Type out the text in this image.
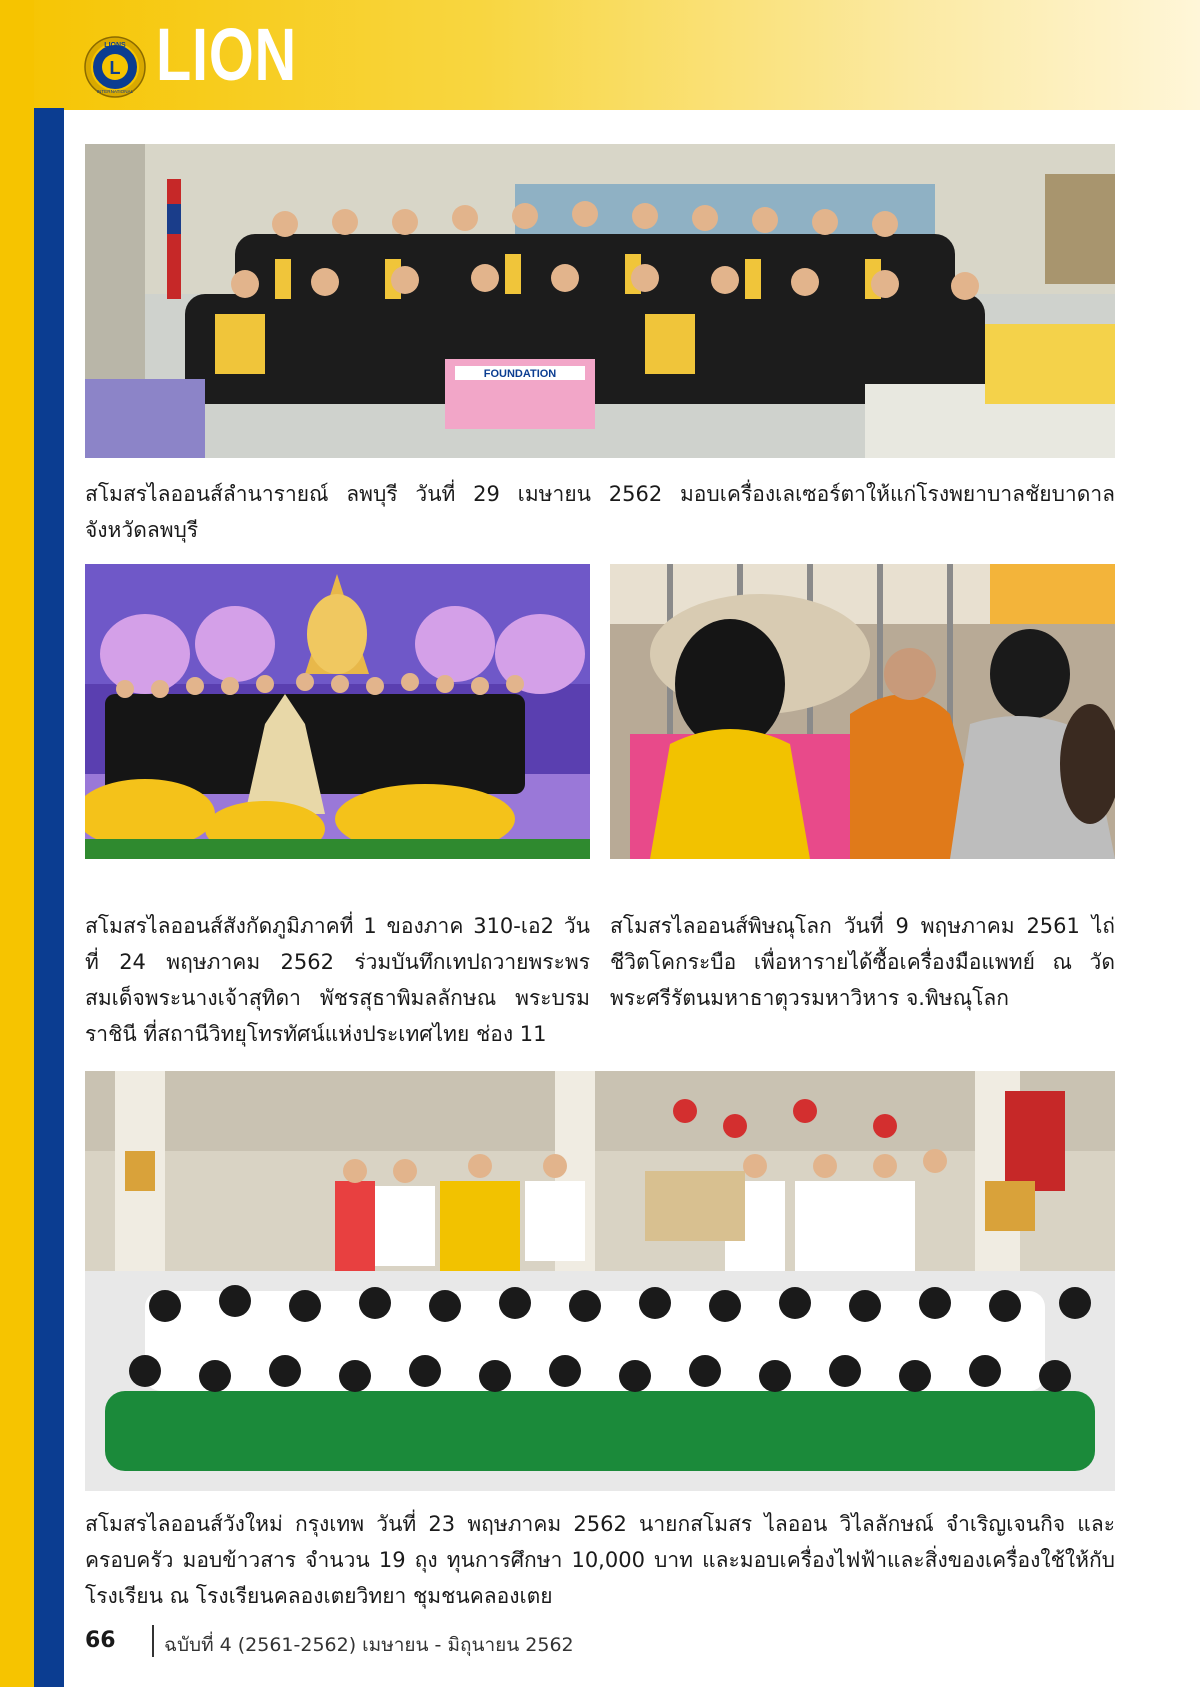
L
LIONS
INTERNATIONAL LION
FOUNDATION

สโมสรไลออนส์ลำนารายณ์ ลพบุรี วันที่ 29 เมษายน 2562 มอบเครื่องเลเซอร์ตาให้แก่โรงพยาบาลชัยบาดาล จังหวัดลพบุรี

สโมสรไลออนส์สังกัดภูมิภาคที่ 1 ของภาค 310-เอ2 วันที่ 24 พฤษภาคม 2562 ร่วมบันทึกเทปถวายพระพร สมเด็จพระนางเจ้าสุทิดา พัชรสุธาพิมลลักษณ พระบรมราชินี ที่สถานีวิทยุโทรทัศน์แห่งประเทศไทย ช่อง 11

สโมสรไลออนส์พิษณุโลก วันที่ 9 พฤษภาคม 2561 ไถ่ชีวิตโคกระบือ เพื่อหารายได้ซื้อเครื่องมือแพทย์ ณ วัดพระศรีรัตนมหาธาตุวรมหาวิหาร จ.พิษณุโลก

สโมสรไลออนส์วังใหม่ กรุงเทพ วันที่ 23 พฤษภาคม 2562 นายกสโมสร ไลออน วิไลลักษณ์ จำเริญเจนกิจ และครอบครัว มอบข้าวสาร จำนวน 19 ถุง ทุนการศึกษา 10,000 บาท และมอบเครื่องไฟฟ้าและสิ่งของเครื่องใช้ให้กับโรงเรียน ณ โรงเรียนคลองเตยวิทยา ชุมชนคลองเตย

66	ฉบับที่ 4 (2561-2562) เมษายน - มิถุนายน 2562
